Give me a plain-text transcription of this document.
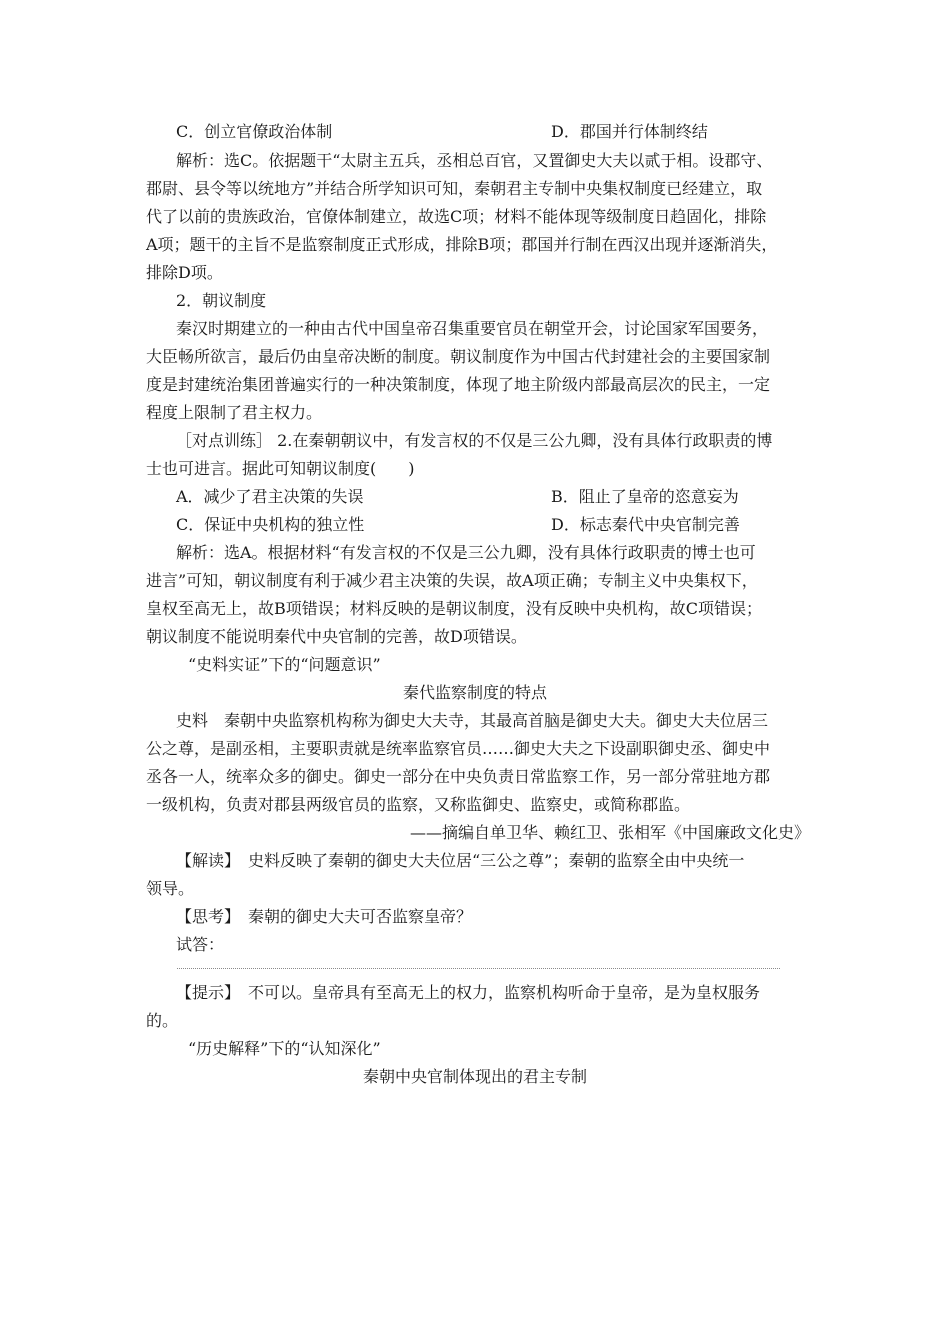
C．创立官僚政治体制	D．郡国并行体制终结
解析：选C。依据题干“太尉主五兵，丞相总百官，又置御史大夫以贰于相。设郡守、
郡尉、县令等以统地方”并结合所学知识可知，秦朝君主专制中央集权制度已经建立，取
代了以前的贵族政治，官僚体制建立，故选C项；材料不能体现等级制度日趋固化，排除
A项；题干的主旨不是监察制度正式形成，排除B项；郡国并行制在西汉出现并逐渐消失，
排除D项。
2．朝议制度
秦汉时期建立的一种由古代中国皇帝召集重要官员在朝堂开会，讨论国家军国要务，
大臣畅所欲言，最后仍由皇帝决断的制度。朝议制度作为中国古代封建社会的主要国家制
度是封建统治集团普遍实行的一种决策制度，体现了地主阶级内部最高层次的民主，一定
程度上限制了君主权力。
［对点训练］ 2.在秦朝朝议中，有发言权的不仅是三公九卿，没有具体行政职责的博
士也可进言。据此可知朝议制度(　　)
A．减少了君主决策的失误	B．阻止了皇帝的恣意妄为
C．保证中央机构的独立性	D．标志秦代中央官制完善
解析：选A。根据材料“有发言权的不仅是三公九卿，没有具体行政职责的博士也可
进言”可知，朝议制度有利于减少君主决策的失误，故A项正确；专制主义中央集权下，
皇权至高无上，故B项错误；材料反映的是朝议制度，没有反映中央机构，故C项错误；
朝议制度不能说明秦代中央官制的完善，故D项错误。
“史料实证”下的“问题意识”
秦代监察制度的特点
史料　秦朝中央监察机构称为御史大夫寺，其最高首脑是御史大夫。御史大夫位居三
公之尊，是副丞相，主要职责就是统率监察官员……御史大夫之下设副职御史丞、御史中
丞各一人，统率众多的御史。御史一部分在中央负责日常监察工作，另一部分常驻地方郡
一级机构，负责对郡县两级官员的监察，又称监御史、监察史，或简称郡监。
——摘编自单卫华、赖红卫、张相军《中国廉政文化史》
【解读】　史料反映了秦朝的御史大夫位居“三公之尊”；秦朝的监察全由中央统一
领导。
【思考】　秦朝的御史大夫可否监察皇帝？
试答：
【提示】　不可以。皇帝具有至高无上的权力，监察机构听命于皇帝，是为皇权服务
的。
“历史解释”下的“认知深化”
秦朝中央官制体现出的君主专制
